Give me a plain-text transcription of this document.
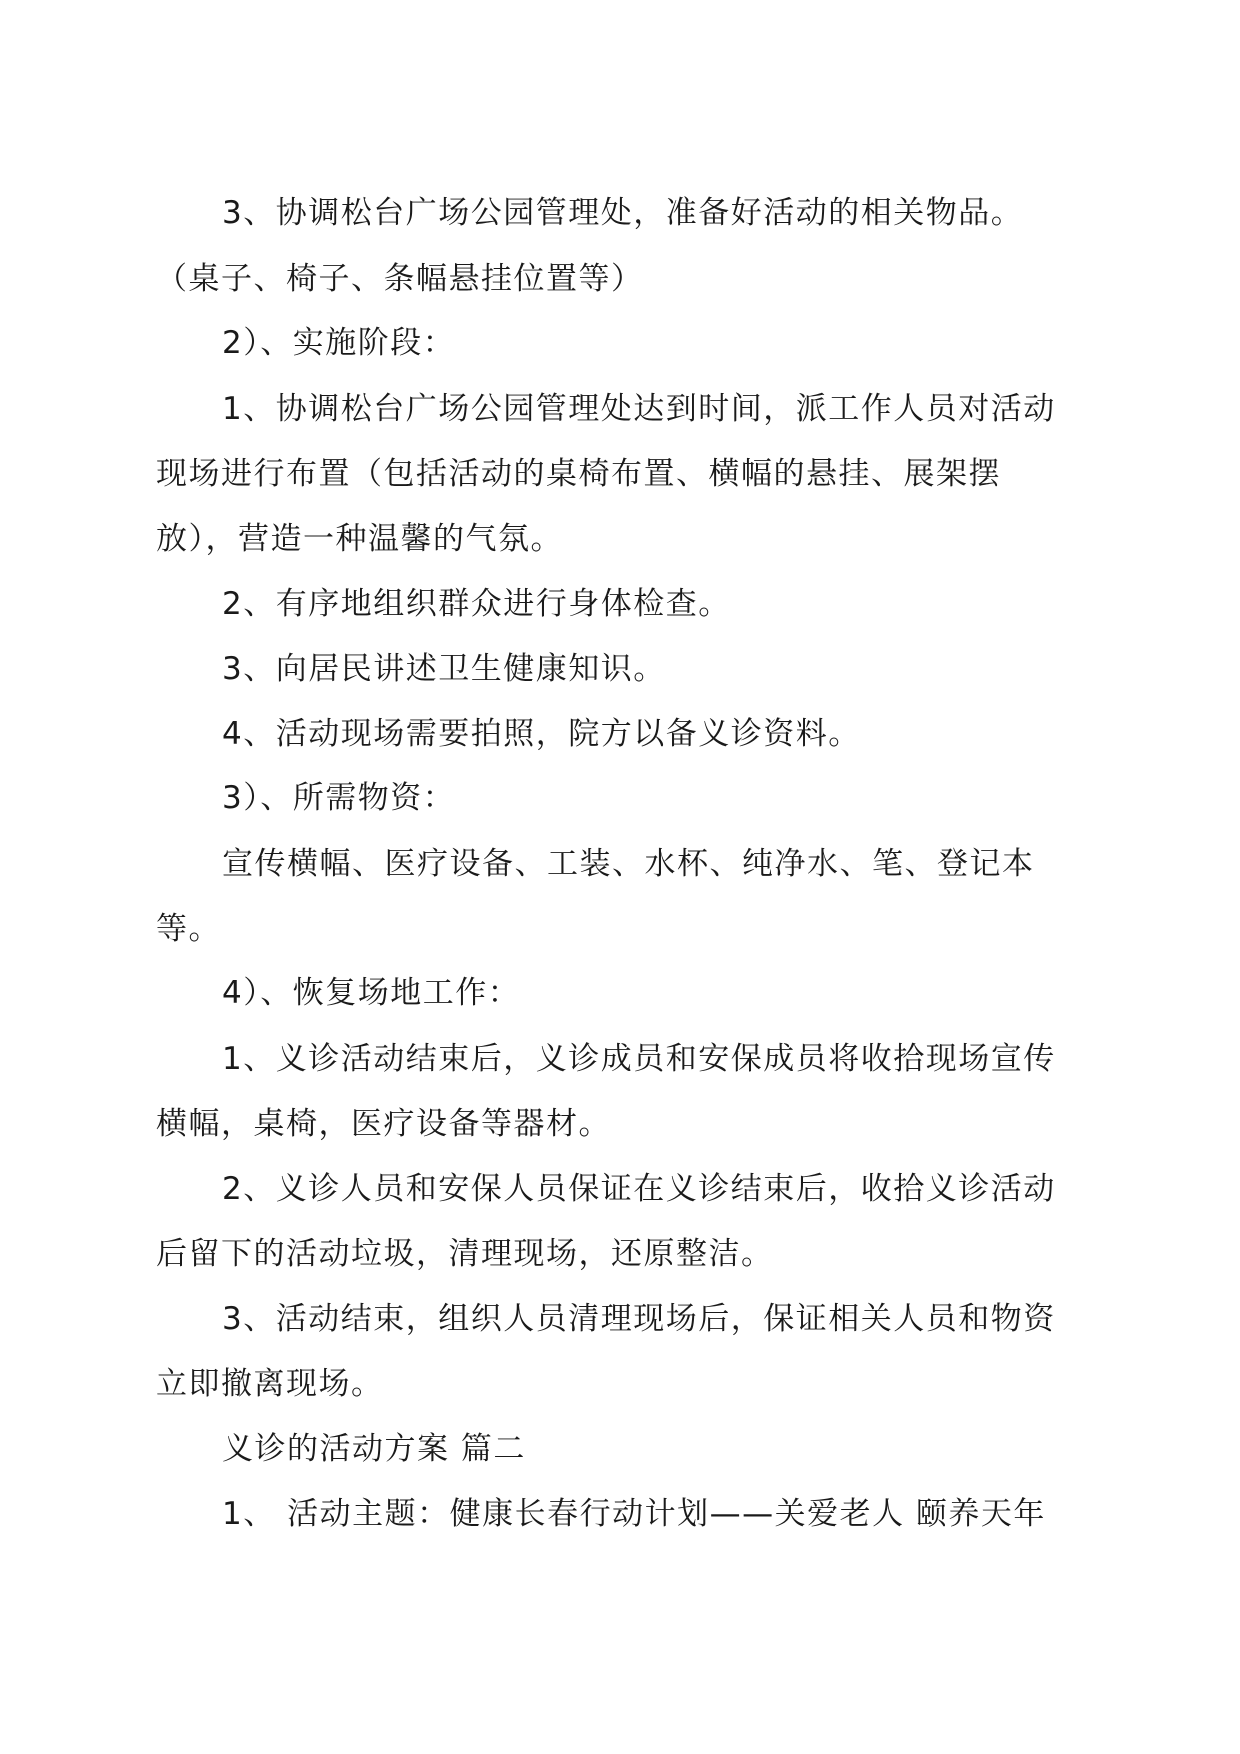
3、协调松台广场公园管理处，准备好活动的相关物品。
（桌子、椅子、条幅悬挂位置等）
2）、实施阶段：
1、协调松台广场公园管理处达到时间，派工作人员对活动
现场进行布置（包括活动的桌椅布置、横幅的悬挂、展架摆
放），营造一种温馨的气氛。
2、有序地组织群众进行身体检查。
3、向居民讲述卫生健康知识。
4、活动现场需要拍照，院方以备义诊资料。
3）、所需物资：
宣传横幅、医疗设备、工装、水杯、纯净水、笔、登记本
等。
4）、恢复场地工作：
1、义诊活动结束后，义诊成员和安保成员将收拾现场宣传
横幅，桌椅，医疗设备等器材。
2、义诊人员和安保人员保证在义诊结束后，收拾义诊活动
后留下的活动垃圾，清理现场，还原整洁。
3、活动结束，组织人员清理现场后，保证相关人员和物资
立即撤离现场。
义诊的活动方案 篇二
1、 活动主题：健康长春行动计划——关爱老人 颐养天年
